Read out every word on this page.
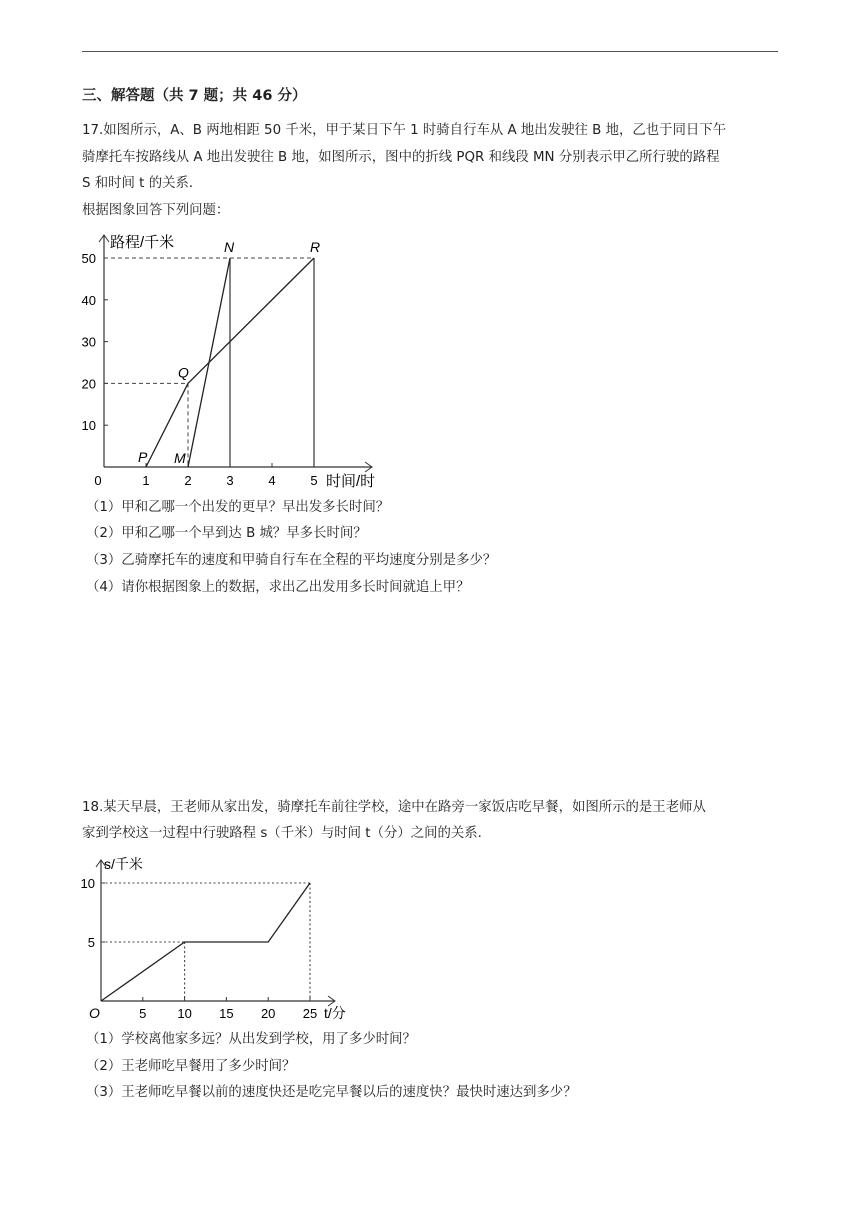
三、解答题（共 7 题；共 46 分）
17.如图所示，A、B 两地相距 50 千米，甲于某日下午 1 时骑自行车从 A 地出发驶往 B 地，乙也于同日下午
骑摩托车按路线从 A 地出发驶往 B 地，如图所示，图中的折线 PQR 和线段 MN 分别表示甲乙所行驶的路程
S 和时间 t 的关系．
根据图象回答下列问题：
路程/千米
时间/时
10
20
30
40
50
1	2	3	4	5
0
P
Q
R
M
N
（1）甲和乙哪一个出发的更早？早出发多长时间？
（2）甲和乙哪一个早到达 B 城？早多长时间？
（3）乙骑摩托车的速度和甲骑自行车在全程的平均速度分别是多少？
（4）请你根据图象上的数据，求出乙出发用多长时间就追上甲？
18.某天早晨，王老师从家出发，骑摩托车前往学校，途中在路旁一家饭店吃早餐，如图所示的是王老师从
家到学校这一过程中行驶路程 s（千米）与时间 t（分）之间的关系．
s/千米
t/分
5
10
5 10 15 20 25
O
（1）学校离他家多远？从出发到学校，用了多少时间？
（2）王老师吃早餐用了多少时间？
（3）王老师吃早餐以前的速度快还是吃完早餐以后的速度快？最快时速达到多少？
